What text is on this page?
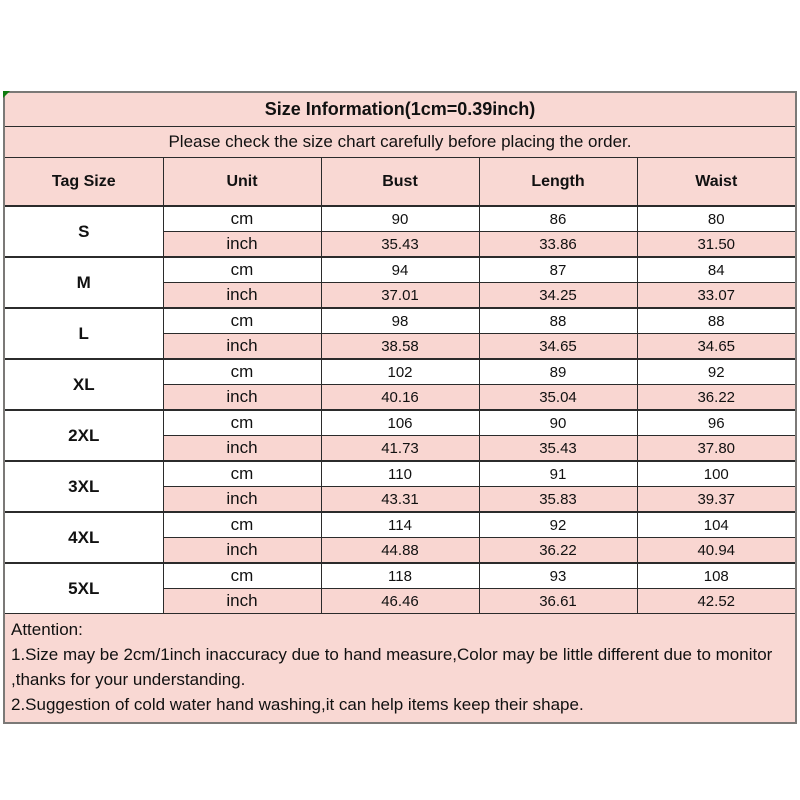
Size Information(1cm=0.39inch)
Please check the size chart carefully before placing the order.
Tag Size	Unit	Bust	Length	Waist
S	cm	90	86	80
	inch	35.43	33.86	31.50
M	cm	94	87	84
	inch	37.01	34.25	33.07
L	cm	98	88	88
	inch	38.58	34.65	34.65
XL	cm	102	89	92
	inch	40.16	35.04	36.22
2XL	cm	106	90	96
	inch	41.73	35.43	37.80
3XL	cm	110	91	100
	inch	43.31	35.83	39.37
4XL	cm	114	92	104
	inch	44.88	36.22	40.94
5XL	cm	118	93	108
	inch	46.46	36.61	42.52
Attention:
1.Size may be 2cm/1inch inaccuracy due to hand measure,Color may be little different due to monitor
,thanks for your understanding.
2.Suggestion of cold water hand washing,it can help items keep their shape.
